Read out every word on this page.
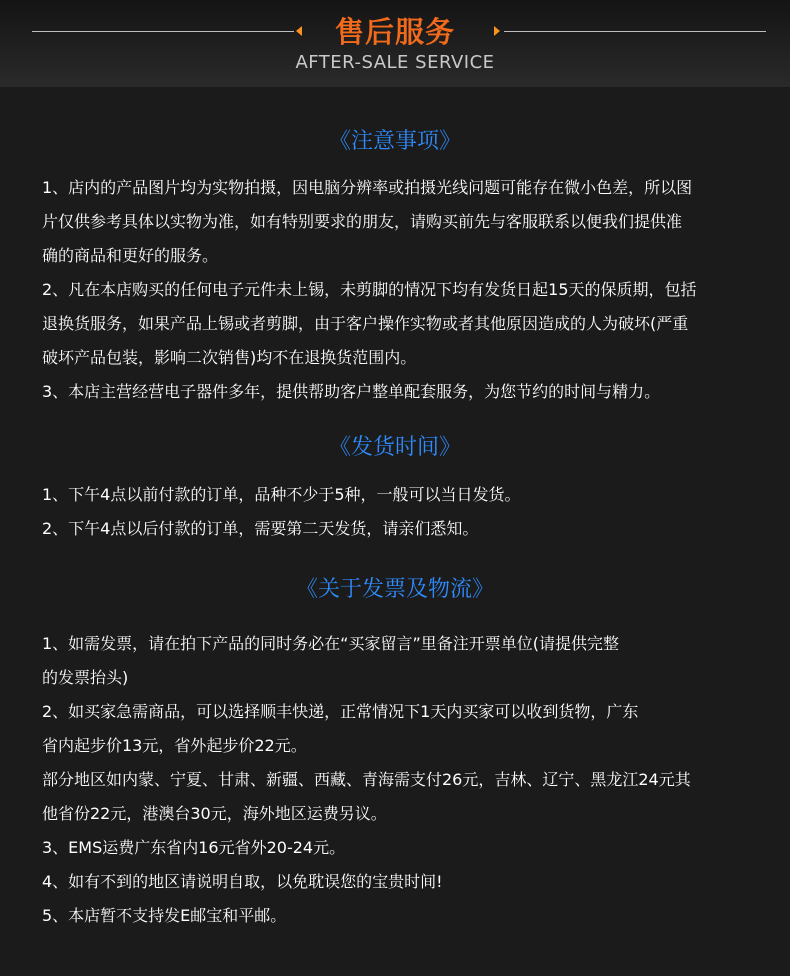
售后服务
AFTER-SALE SERVICE
《注意事项》
1、店内的产品图片均为实物拍摄，因电脑分辨率或拍摄光线问题可能存在微小色差，所以图
片仅供参考具体以实物为准，如有特别要求的朋友，请购买前先与客服联系以便我们提供准
确的商品和更好的服务。
2、凡在本店购买的任何电子元件未上锡，未剪脚的情况下均有发货日起15天的保质期，包括
退换货服务，如果产品上锡或者剪脚，由于客户操作实物或者其他原因造成的人为破坏(严重
破坏产品包装，影响二次销售)均不在退换货范围内。
3、本店主营经营电子器件多年，提供帮助客户整单配套服务，为您节约的时间与精力。
《发货时间》
1、下午4点以前付款的订单，品种不少于5种，一般可以当日发货。
2、下午4点以后付款的订单，需要第二天发货，请亲们悉知。
《关于发票及物流》
1、如需发票，请在拍下产品的同时务必在“买家留言”里备注开票单位(请提供完整
的发票抬头)
2、如买家急需商品，可以选择顺丰快递，正常情况下1天内买家可以收到货物，广东
省内起步价13元，省外起步价22元。
部分地区如内蒙、宁夏、甘肃、新疆、西藏、青海需支付26元，吉林、辽宁、黑龙江24元其
他省份22元，港澳台30元，海外地区运费另议。
3、EMS运费广东省内16元省外20-24元。
4、如有不到的地区请说明自取，以免耽误您的宝贵时间!
5、本店暂不支持发E邮宝和平邮。
